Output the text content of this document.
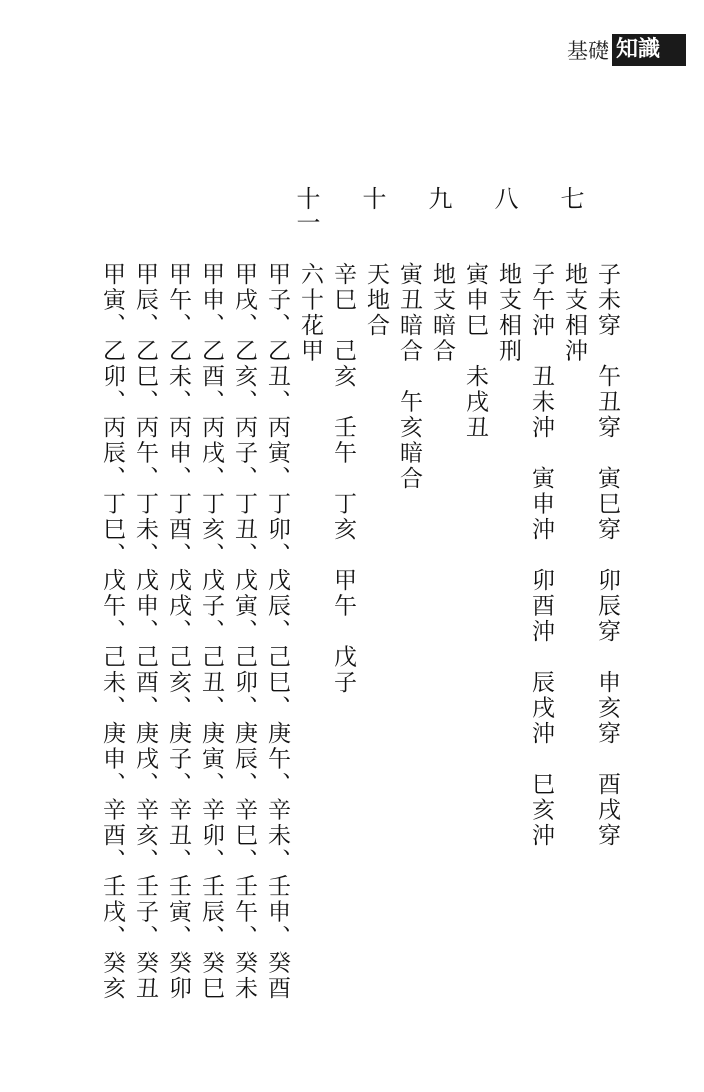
基礎 知識
七
八
九
十
十一
子未穿　午丑穿　寅巳穿　卯辰穿　申亥穿　酉戌穿
地支相沖
子午沖　丑未沖　寅申沖　卯酉沖　辰戌沖　巳亥沖
地支相刑
寅申巳　未戌丑
地支暗合
寅丑暗合　午亥暗合
天地合
辛巳　己亥　壬午　丁亥　甲午　戊子
六十花甲
甲子、乙丑、丙寅、丁卯、戊辰、己巳、庚午、辛未、壬申、癸酉
甲戌、乙亥、丙子、丁丑、戊寅、己卯、庚辰、辛巳、壬午、癸未
甲申、乙酉、丙戌、丁亥、戊子、己丑、庚寅、辛卯、壬辰、癸巳
甲午、乙未、丙申、丁酉、戊戌、己亥、庚子、辛丑、壬寅、癸卯
甲辰、乙巳、丙午、丁未、戊申、己酉、庚戌、辛亥、壬子、癸丑
甲寅、乙卯、丙辰、丁巳、戊午、己未、庚申、辛酉、壬戌、癸亥
